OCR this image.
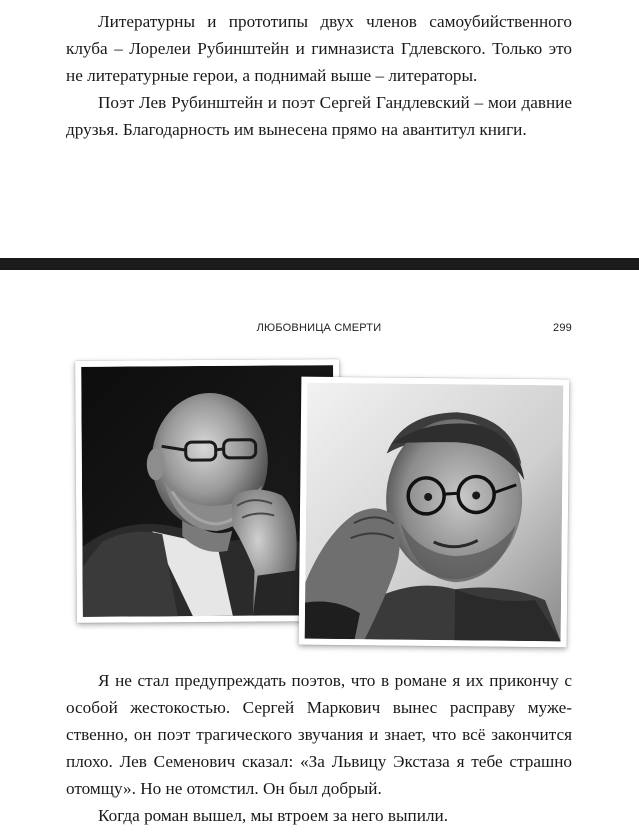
Литературны и прототипы двух членов самоубийственного клуба – Лорелеи Рубинштейн и гимназиста Гдлевского. Только это не литературные герои, а поднимай выше – литераторы.

Поэт Лев Рубинштейн и поэт Сергей Гандлевский – мои давние друзья. Благодарность им вынесена прямо на авантитул книги.

ЛЮБОВНИЦА СМЕРТИ	299

Я не стал предупреждать поэтов, что в романе я их прикончу с особой жестокостью. Сергей Маркович вынес расправу мужественно, он поэт трагического звучания и знает, что всё закончится плохо. Лев Семенович сказал: «За Львицу Экстаза я тебе страшно отомщу». Но не отомстил. Он был добрый.

Когда роман вышел, мы втроем за него выпили.
